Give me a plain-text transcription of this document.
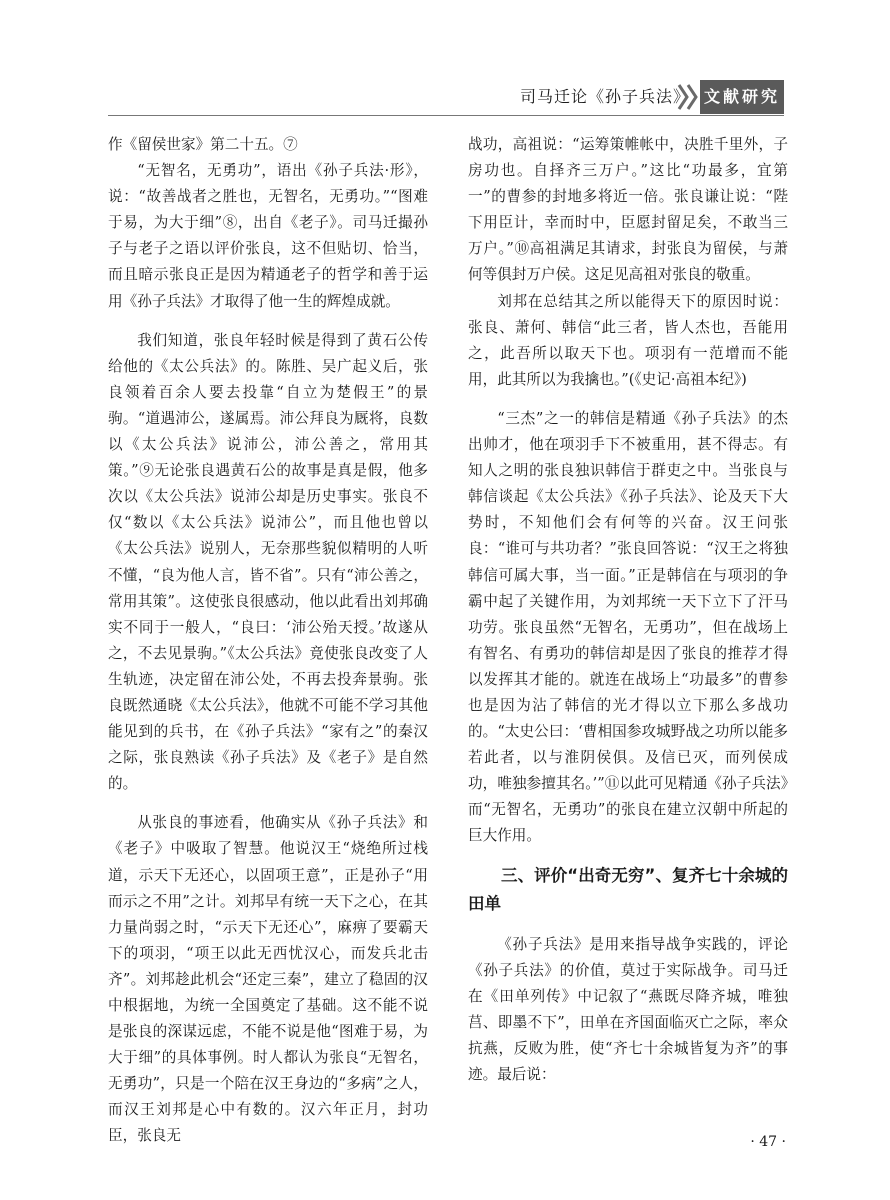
司马迁论《孙子兵法》 文献研究

作《留侯世家》第二十五。⑦

“无智名，无勇功”，语出《孙子兵法·形》，说：“故善战者之胜也，无智名，无勇功。”“图难于易，为大于细”⑧，出自《老子》。司马迁撮孙子与老子之语以评价张良，这不但贴切、恰当，而且暗示张良正是因为精通老子的哲学和善于运用《孙子兵法》才取得了他一生的辉煌成就。

我们知道，张良年轻时候是得到了黄石公传给他的《太公兵法》的。陈胜、吴广起义后，张良领着百余人要去投靠“自立为楚假王”的景驹。“道遇沛公，遂属焉。沛公拜良为厩将，良数以《太公兵法》说沛公，沛公善之，常用其策。”⑨无论张良遇黄石公的故事是真是假，他多次以《太公兵法》说沛公却是历史事实。张良不仅“数以《太公兵法》说沛公”，而且他也曾以《太公兵法》说别人，无奈那些貌似精明的人听不懂，“良为他人言，皆不省”。只有“沛公善之，常用其策”。这使张良很感动，他以此看出刘邦确实不同于一般人，“良曰：‘沛公殆天授。’故遂从之，不去见景驹。”《太公兵法》竟使张良改变了人生轨迹，决定留在沛公处，不再去投奔景驹。张良既然通晓《太公兵法》，他就不可能不学习其他能见到的兵书，在《孙子兵法》“家有之”的秦汉之际，张良熟读《孙子兵法》及《老子》是自然的。

从张良的事迹看，他确实从《孙子兵法》和《老子》中吸取了智慧。他说汉王“烧绝所过栈道，示天下无还心，以固项王意”，正是孙子“用而示之不用”之计。刘邦早有统一天下之心，在其力量尚弱之时，“示天下无还心”，麻痹了要霸天下的项羽，“项王以此无西忧汉心，而发兵北击齐”。刘邦趁此机会“还定三秦”，建立了稳固的汉中根据地，为统一全国奠定了基础。这不能不说是张良的深谋远虑，不能不说是他“图难于易，为大于细”的具体事例。时人都认为张良“无智名，无勇功”，只是一个陪在汉王身边的“多病”之人，而汉王刘邦是心中有数的。汉六年正月，封功臣，张良无

战功，高祖说：“运筹策帷帐中，决胜千里外，子房功也。自择齐三万户。”这比“功最多，宜第一”的曹参的封地多将近一倍。张良谦让说：“陛下用臣计，幸而时中，臣愿封留足矣，不敢当三万户。”⑩高祖满足其请求，封张良为留侯，与萧何等俱封万户侯。这足见高祖对张良的敬重。

刘邦在总结其之所以能得天下的原因时说：张良、萧何、韩信“此三者，皆人杰也，吾能用之，此吾所以取天下也。项羽有一范增而不能用，此其所以为我擒也。”(《史记·高祖本纪》)

“三杰”之一的韩信是精通《孙子兵法》的杰出帅才，他在项羽手下不被重用，甚不得志。有知人之明的张良独识韩信于群吏之中。当张良与韩信谈起《太公兵法》《孙子兵法》、论及天下大势时，不知他们会有何等的兴奋。汉王问张良：“谁可与共功者？”张良回答说：“汉王之将独韩信可属大事，当一面。”正是韩信在与项羽的争霸中起了关键作用，为刘邦统一天下立下了汗马功劳。张良虽然“无智名，无勇功”，但在战场上有智名、有勇功的韩信却是因了张良的推荐才得以发挥其才能的。就连在战场上“功最多”的曹参也是因为沾了韩信的光才得以立下那么多战功的。“太史公曰：‘曹相国参攻城野战之功所以能多若此者，以与淮阴侯俱。及信已灭，而列侯成功，唯独参擅其名。’”⑪以此可见精通《孙子兵法》而“无智名，无勇功”的张良在建立汉朝中所起的巨大作用。

三、评价“出奇无穷”、复齐七十余城的田单

《孙子兵法》是用来指导战争实践的，评论《孙子兵法》的价值，莫过于实际战争。司马迁在《田单列传》中记叙了“燕既尽降齐城，唯独莒、即墨不下”，田单在齐国面临灭亡之际，率众抗燕，反败为胜，使“齐七十余城皆复为齐”的事迹。最后说：

· 47 ·
